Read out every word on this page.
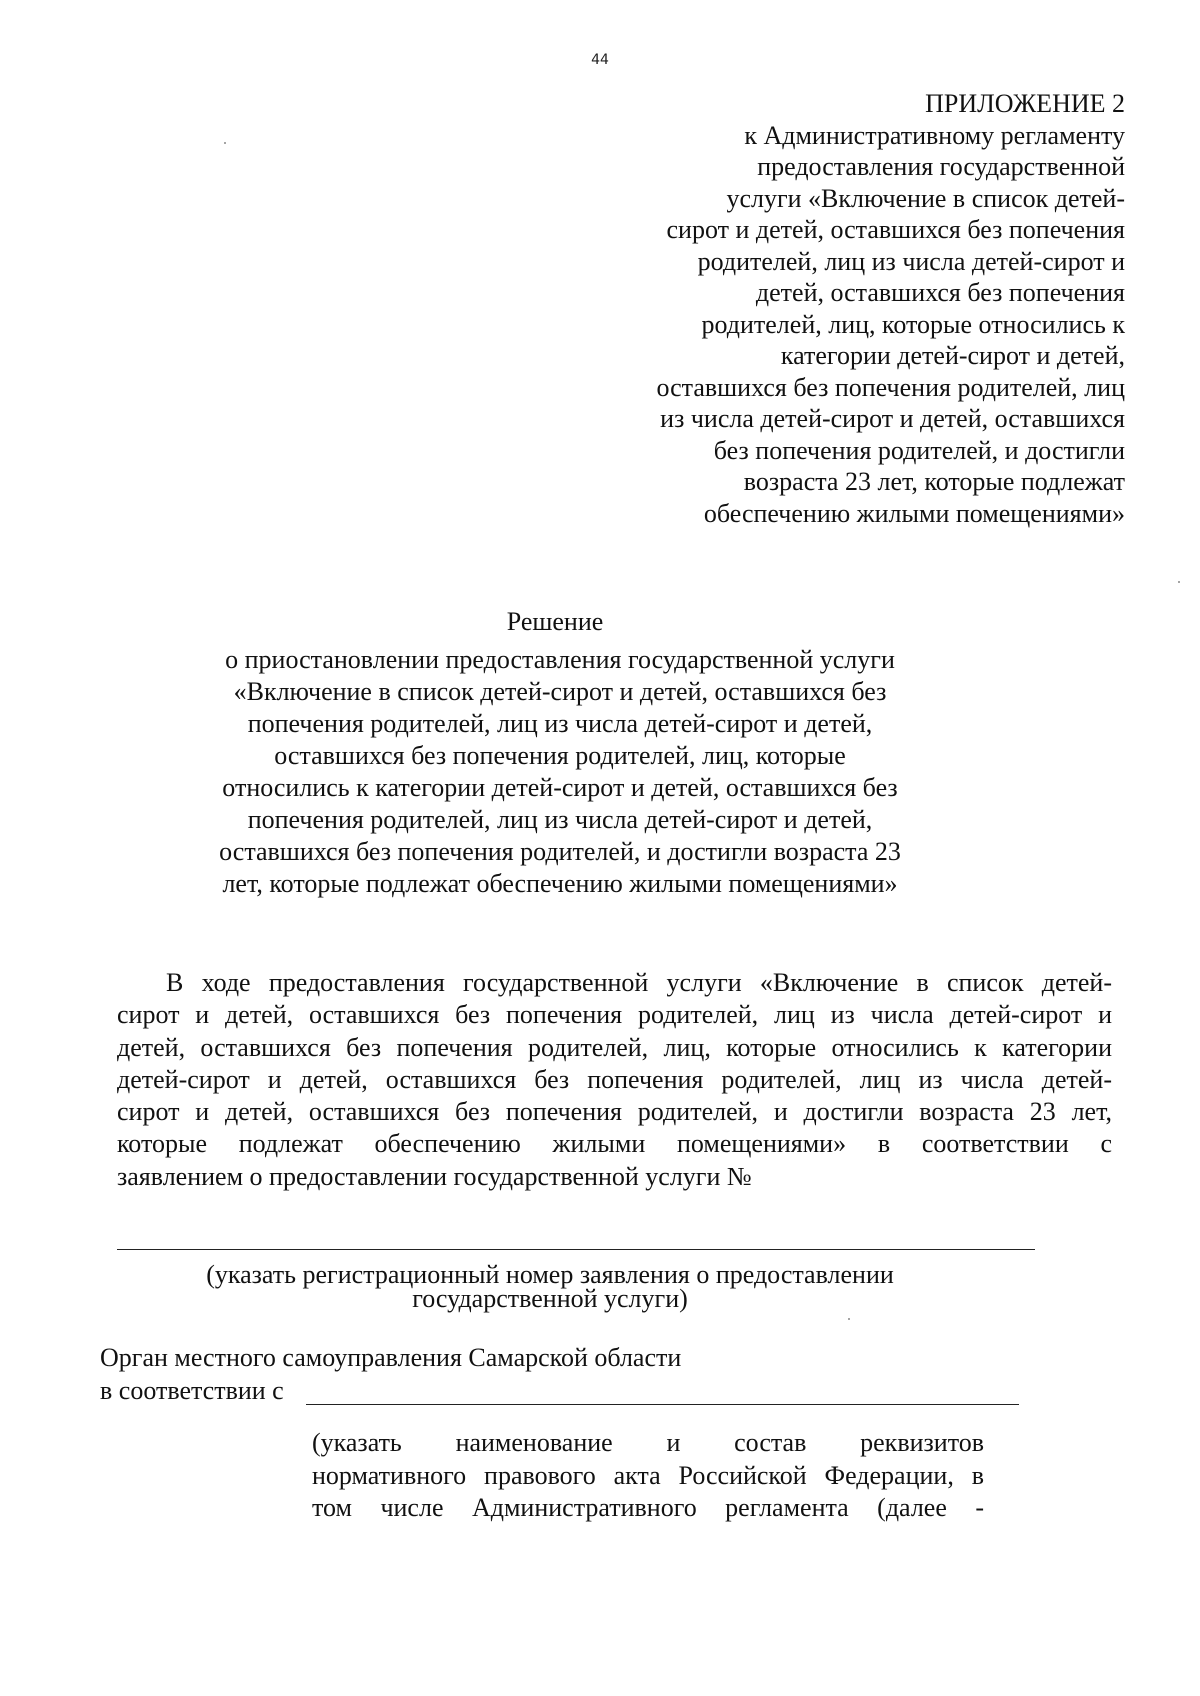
44
ПРИЛОЖЕНИЕ 2
к Административному регламенту
предоставления государственной
услуги «Включение в список детей-
сирот и детей, оставшихся без попечения
родителей, лиц из числа детей-сирот и
детей, оставшихся без попечения
родителей, лиц, которые относились к
категории детей-сирот и детей,
оставшихся без попечения родителей, лиц
из числа детей-сирот и детей, оставшихся
без попечения родителей, и достигли
возраста 23 лет, которые подлежат
обеспечению жилыми помещениями»
Решение
о приостановлении предоставления государственной услуги
«Включение в список детей-сирот и детей, оставшихся без
попечения родителей, лиц из числа детей-сирот и детей,
оставшихся без попечения родителей, лиц, которые
относились к категории детей-сирот и детей, оставшихся без
попечения родителей, лиц из числа детей-сирот и детей,
оставшихся без попечения родителей, и достигли возраста 23
лет, которые подлежат обеспечению жилыми помещениями»
В ходе предоставления государственной услуги «Включение в список детей-
сирот и детей, оставшихся без попечения родителей, лиц из числа детей-сирот и
детей, оставшихся без попечения родителей, лиц, которые относились к категории
детей-сирот и детей, оставшихся без попечения родителей, лиц из числа детей-
сирот и детей, оставшихся без попечения родителей, и достигли возраста 23 лет,
которые подлежат обеспечению жилыми помещениями» в соответствии с
заявлением о предоставлении государственной услуги №
(указать регистрационный номер заявления о предоставлении
государственной услуги)
Орган местного самоуправления Самарской области
в соответствии с
(указать наименование и состав реквизитов
нормативного правового акта Российской Федерации, в
том числе Административного регламента (далее -
